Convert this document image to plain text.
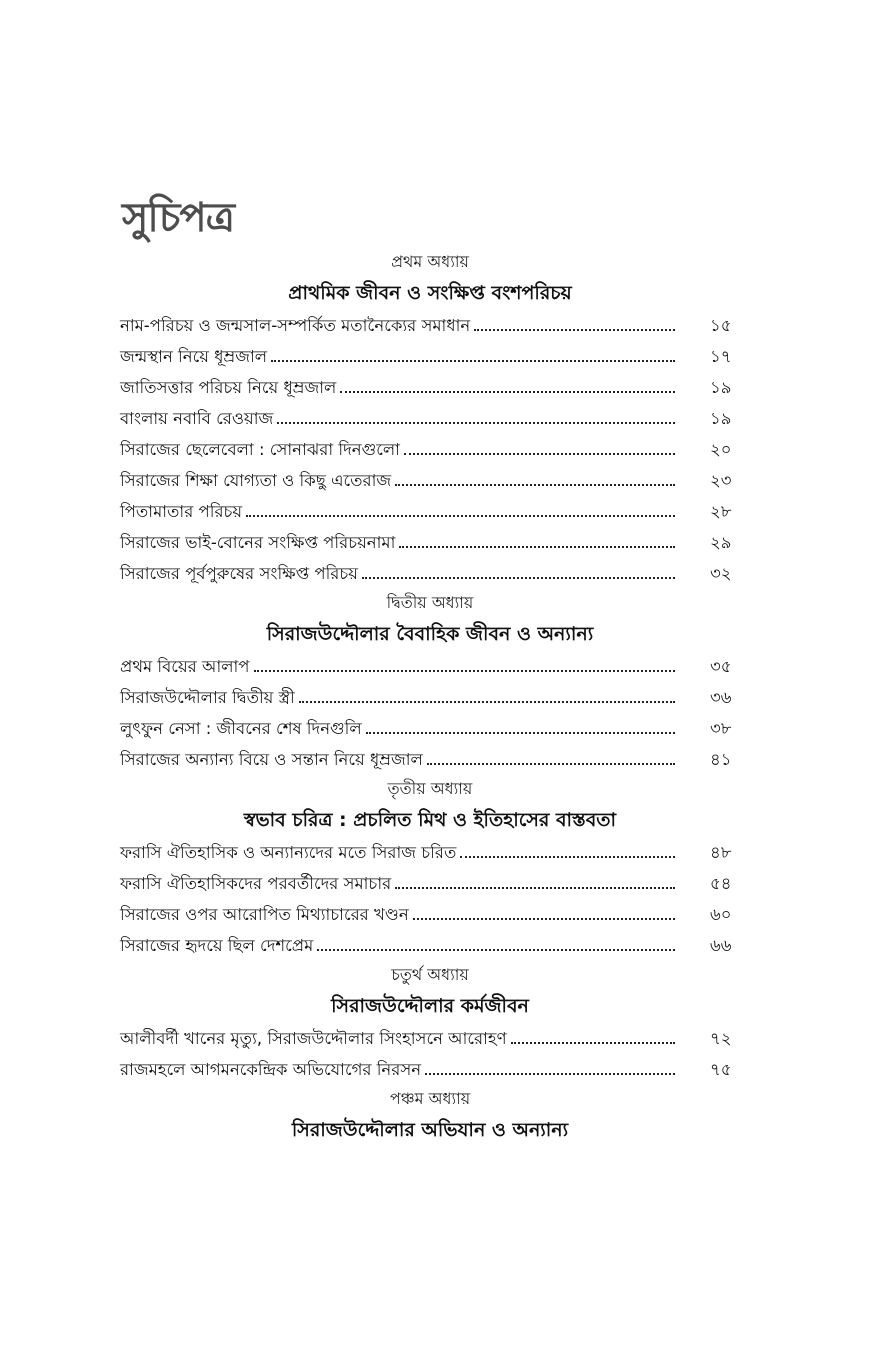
সুচিপত্র
প্রথম অধ্যায়
প্রাথমিক জীবন ও সংক্ষিপ্ত বংশপরিচয়
নাম-পরিচয় ও জন্মসাল-সম্পর্কিত মতানৈক্যের সমাধান	১৫
জন্মস্থান নিয়ে ধূম্রজাল	১৭
জাতিসত্তার পরিচয় নিয়ে ধূম্রজাল	১৯
বাংলায় নবাবি রেওয়াজ	১৯
সিরাজের ছেলেবেলা : সোনাঝরা দিনগুলো	২০
সিরাজের শিক্ষা যোগ্যতা ও কিছু এতেরাজ	২৩
পিতামাতার পরিচয়	২৮
সিরাজের ভাই-বোনের সংক্ষিপ্ত পরিচয়নামা	২৯
সিরাজের পূর্বপুরুষের সংক্ষিপ্ত পরিচয়	৩২
দ্বিতীয় অধ্যায়
সিরাজউদ্দৌলার বৈবাহিক জীবন ও অন্যান্য
প্রথম বিয়ের আলাপ	৩৫
সিরাজউদ্দৌলার দ্বিতীয় স্ত্রী	৩৬
লুৎফুন নেসা : জীবনের শেষ দিনগুলি	৩৮
সিরাজের অন্যান্য বিয়ে ও সন্তান নিয়ে ধূম্রজাল	৪১
তৃতীয় অধ্যায়
স্বভাব চরিত্র : প্রচলিত মিথ ও ইতিহাসের বাস্তবতা
ফরাসি ঐতিহাসিক ও অন্যান্যদের মতে সিরাজ চরিত	৪৮
ফরাসি ঐতিহাসিকদের পরবর্তীদের সমাচার	৫৪
সিরাজের ওপর আরোপিত মিথ্যাচারের খণ্ডন	৬০
সিরাজের হৃদয়ে ছিল দেশপ্রেম	৬৬
চতুর্থ অধ্যায়
সিরাজউদ্দৌলার কর্মজীবন
আলীবর্দী খানের মৃত্যু, সিরাজউদ্দৌলার সিংহাসনে আরোহণ	৭২
রাজমহলে আগমনকেন্দ্রিক অভিযোগের নিরসন	৭৫
পঞ্চম অধ্যায়
সিরাজউদ্দৌলার অভিযান ও অন্যান্য
